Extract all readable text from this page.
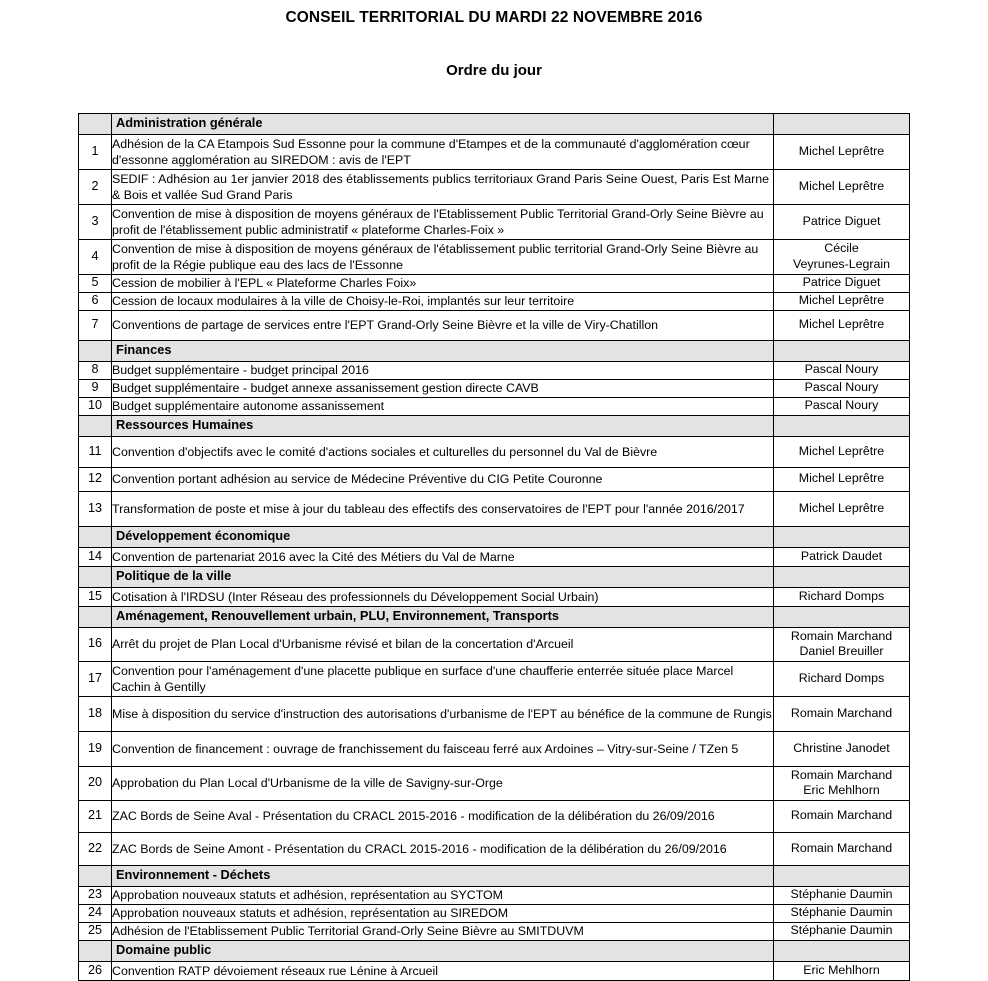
CONSEIL TERRITORIAL DU MARDI 22 NOVEMBRE 2016
Ordre du jour
	Administration générale	
1	Adhésion de la CA Etampois Sud Essonne pour la commune d'Etampes et de la communauté d'agglomération cœur d'essonne agglomération au SIREDOM : avis de l'EPT	Michel Leprêtre
2	SEDIF : Adhésion au 1er janvier 2018 des établissements publics territoriaux Grand Paris Seine Ouest, Paris Est Marne & Bois et vallée Sud Grand Paris	Michel Leprêtre
3	Convention de mise à disposition de moyens généraux de l'Etablissement Public Territorial Grand-Orly Seine Bièvre au profit de l'établissement public administratif « plateforme Charles-Foix »	Patrice Diguet
4	Convention de mise à disposition de moyens généraux de l'établissement public territorial Grand-Orly Seine Bièvre au profit de la Régie publique eau des lacs de l'Essonne	Cécile
Veyrunes-Legrain

5	Cession de mobilier à l'EPL « Plateforme Charles Foix»	Patrice Diguet
6	Cession de locaux modulaires à la ville de Choisy-le-Roi, implantés sur leur territoire	Michel Leprêtre
7	Conventions de partage de services entre l'EPT Grand-Orly Seine Bièvre et la ville de Viry-Chatillon	Michel Leprêtre
	Finances	
8	Budget supplémentaire - budget principal 2016	Pascal Noury
9	Budget supplémentaire - budget annexe assanissement gestion directe CAVB	Pascal Noury
10	Budget supplémentaire autonome assanissement	Pascal Noury
	Ressources Humaines	
11	Convention d'objectifs avec le comité d'actions sociales et culturelles du personnel du Val de Bièvre	Michel Leprêtre
12	Convention portant adhésion au service de Médecine Préventive du CIG Petite Couronne	Michel Leprêtre
13	Transformation de poste et mise à jour du tableau des effectifs des conservatoires de l'EPT pour l'année 2016/2017	Michel Leprêtre
	Développement économique	
14	Convention de partenariat 2016 avec la Cité des Métiers du Val de Marne	Patrick Daudet
	Politique de la ville	
15	Cotisation à l'IRDSU (Inter Réseau des professionnels du Développement Social Urbain)	Richard Domps
	Aménagement, Renouvellement urbain, PLU, Environnement, Transports	
16	Arrêt du projet de Plan Local d'Urbanisme révisé et bilan de la concertation d'Arcueil	Romain Marchand
Daniel Breuiller

17	Convention pour l'aménagement d'une placette publique en surface d'une chaufferie enterrée située place Marcel Cachin à Gentilly	Richard Domps
18	Mise à disposition du service d'instruction des autorisations d'urbanisme de l'EPT au bénéfice de la commune de Rungis	Romain Marchand
19	Convention de financement : ouvrage de franchissement du faisceau ferré aux Ardoines – Vitry-sur-Seine / TZen 5	Christine Janodet
20	Approbation du Plan Local d'Urbanisme de la ville de Savigny-sur-Orge	Romain Marchand
Eric Mehlhorn

21	ZAC Bords de Seine Aval - Présentation du CRACL 2015-2016 - modification de la délibération du 26/09/2016	Romain Marchand
22	ZAC Bords de Seine Amont - Présentation du CRACL 2015-2016 - modification de la délibération du 26/09/2016	Romain Marchand
	Environnement - Déchets	
23	Approbation nouveaux statuts et adhésion, représentation au SYCTOM	Stéphanie Daumin
24	Approbation nouveaux statuts et adhésion, représentation au SIREDOM	Stéphanie Daumin
25	Adhésion de l'Etablissement Public Territorial Grand-Orly Seine Bièvre au SMITDUVM	Stéphanie Daumin
	Domaine public	
26	Convention RATP dévoiement réseaux rue Lénine à Arcueil	Eric Mehlhorn
